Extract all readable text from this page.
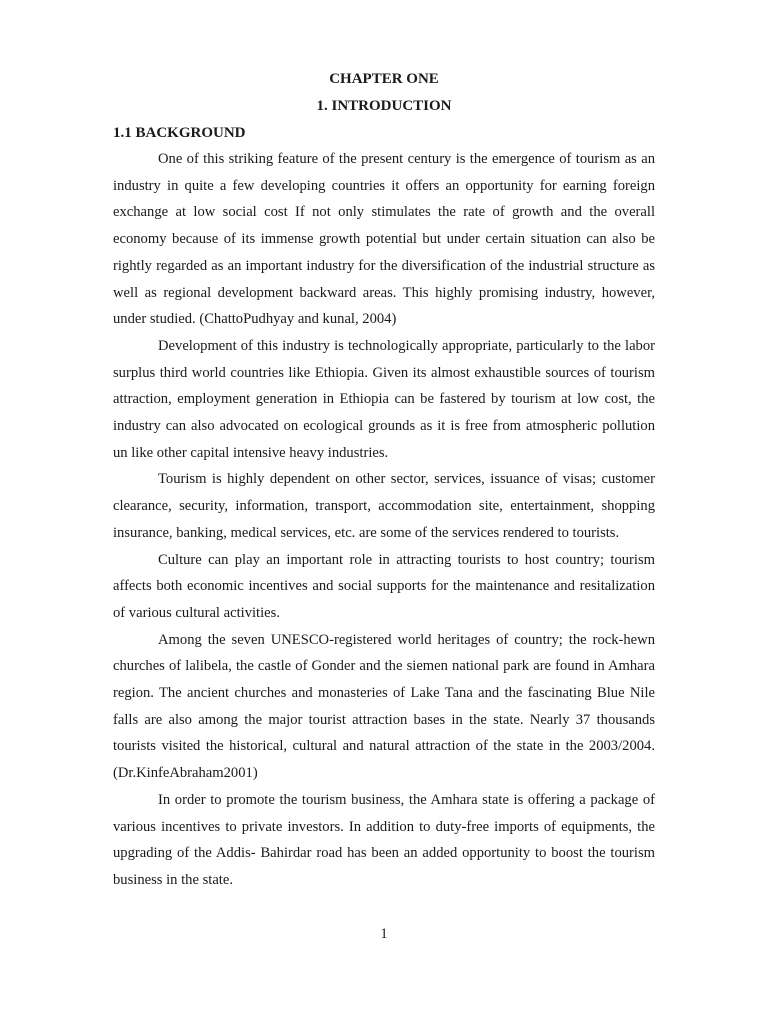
CHAPTER ONE
1. INTRODUCTION
1.1 BACKGROUND

One of this striking feature of the present century is the emergence of tourism as an industry in quite a few developing countries it offers an opportunity for earning foreign exchange at low social cost If not only stimulates the rate of growth and the overall economy because of its immense growth potential but under certain situation can also be rightly regarded as an important industry for the diversification of the industrial structure as well as regional development backward areas. This highly promising industry, however, under studied. (ChattoPudhyay and kunal, 2004)

Development of this industry is technologically appropriate, particularly to the labor surplus third world countries like Ethiopia. Given its almost exhaustible sources of tourism attraction, employment generation in Ethiopia can be fastered by tourism at low cost, the industry can also advocated on ecological grounds as it is free from atmospheric pollution un like other capital intensive heavy industries.

Tourism is highly dependent on other sector, services, issuance of visas; customer clearance, security, information, transport, accommodation site, entertainment, shopping insurance, banking, medical services, etc. are some of the services rendered to tourists.

Culture can play an important role in attracting tourists to host country; tourism affects both economic incentives and social supports for the maintenance and resitalization of various cultural activities.

Among the seven UNESCO-registered world heritages of country; the rock-hewn churches of lalibela, the castle of Gonder and the siemen national park are found in Amhara region. The ancient churches and monasteries of Lake Tana and the fascinating Blue Nile falls are also among the major tourist attraction bases in the state. Nearly 37 thousands tourists visited the historical, cultural and natural attraction of the state in the 2003/2004. (Dr.KinfeAbraham2001)

In order to promote the tourism business, the Amhara state is offering a package of various incentives to private investors. In addition to duty-free imports of equipments, the upgrading of the Addis- Bahirdar road has been an added opportunity to boost the tourism business in the state.

1
